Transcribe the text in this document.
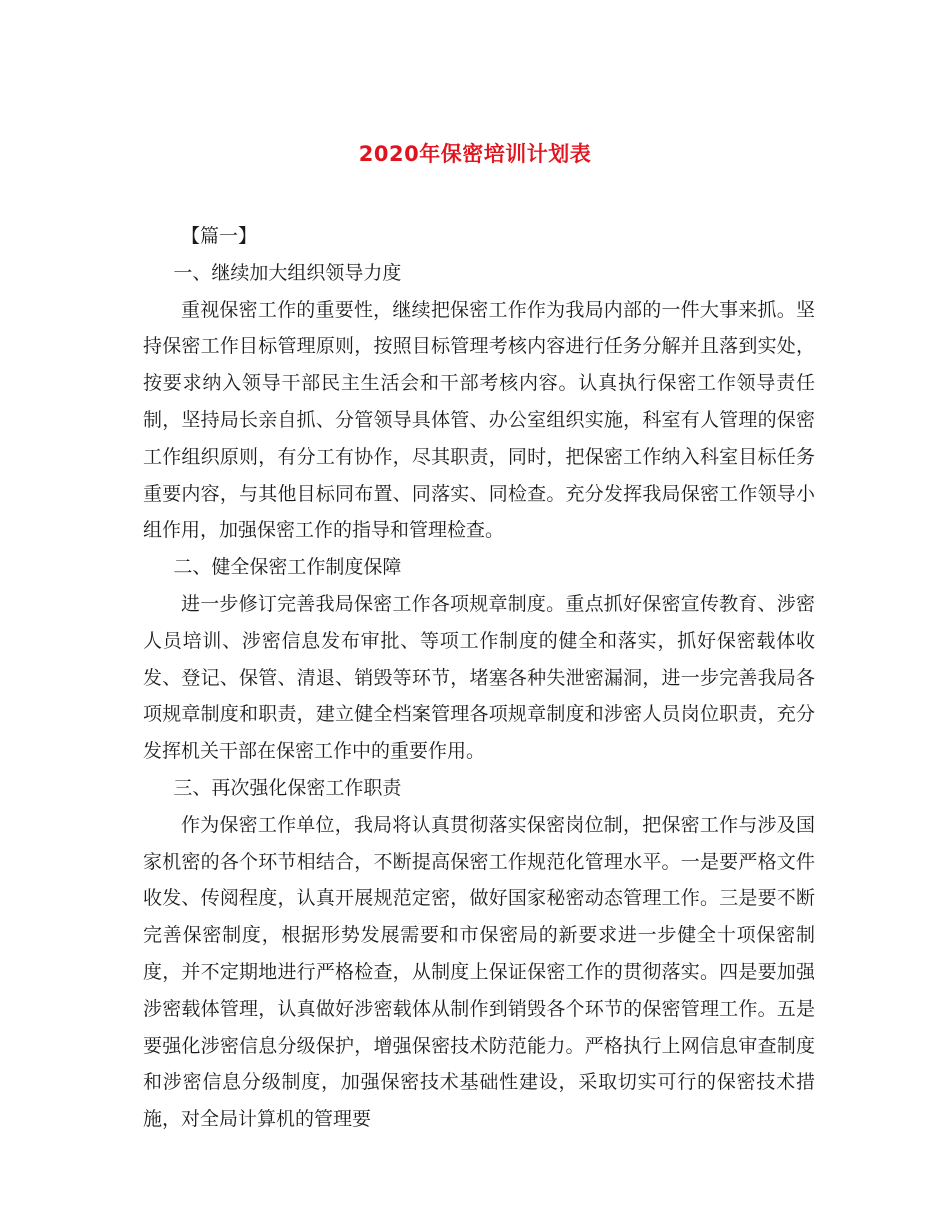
2020年保密培训计划表

【篇一】

一、继续加大组织领导力度

重视保密工作的重要性，继续把保密工作作为我局内部的一件大事来抓。坚持保密工作目标管理原则，按照目标管理考核内容进行任务分解并且落到实处，按要求纳入领导干部民主生活会和干部考核内容。认真执行保密工作领导责任制，坚持局长亲自抓、分管领导具体管、办公室组织实施，科室有人管理的保密工作组织原则，有分工有协作，尽其职责，同时，把保密工作纳入科室目标任务重要内容，与其他目标同布置、同落实、同检查。充分发挥我局保密工作领导小组作用，加强保密工作的指导和管理检查。

二、健全保密工作制度保障

进一步修订完善我局保密工作各项规章制度。重点抓好保密宣传教育、涉密人员培训、涉密信息发布审批、等项工作制度的健全和落实，抓好保密载体收发、登记、保管、清退、销毁等环节，堵塞各种失泄密漏洞，进一步完善我局各项规章制度和职责，建立健全档案管理各项规章制度和涉密人员岗位职责，充分发挥机关干部在保密工作中的重要作用。

三、再次强化保密工作职责

作为保密工作单位，我局将认真贯彻落实保密岗位制，把保密工作与涉及国家机密的各个环节相结合，不断提高保密工作规范化管理水平。一是要严格文件收发、传阅程度，认真开展规范定密，做好国家秘密动态管理工作。三是要不断完善保密制度，根据形势发展需要和市保密局的新要求进一步健全十项保密制度，并不定期地进行严格检查，从制度上保证保密工作的贯彻落实。四是要加强涉密载体管理，认真做好涉密载体从制作到销毁各个环节的保密管理工作。五是要强化涉密信息分级保护，增强保密技术防范能力。严格执行上网信息审查制度和涉密信息分级制度，加强保密技术基础性建设，采取切实可行的保密技术措施，对全局计算机的管理要
